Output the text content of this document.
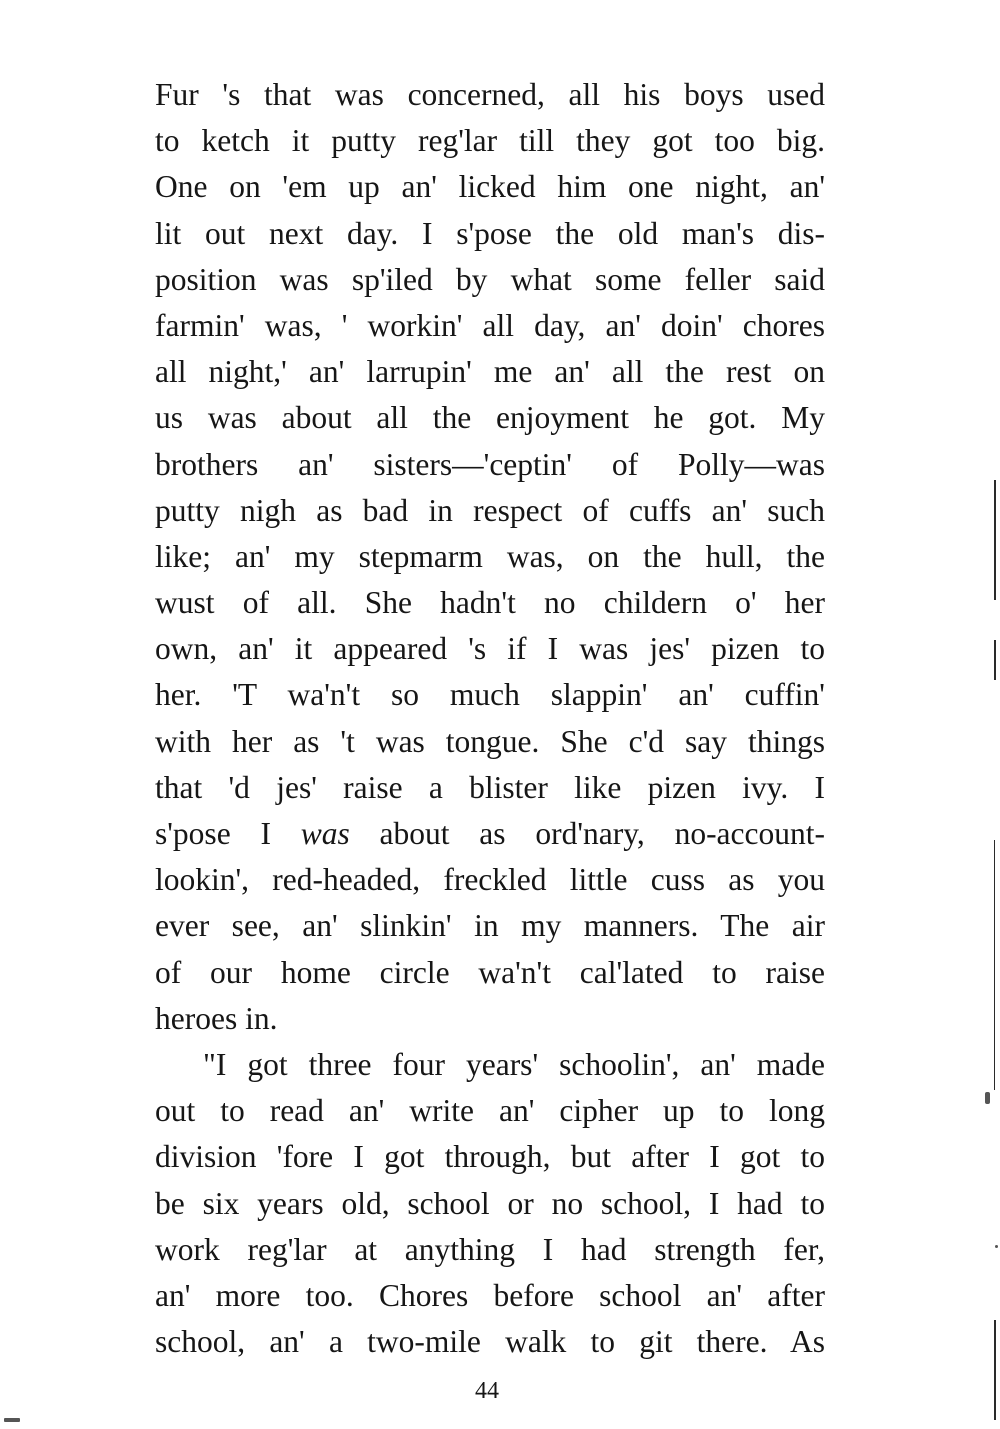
Fur 's that was concerned, all his boys used
to ketch it putty reg'lar till they got too big.
One on 'em up an' licked him one night, an'
lit out next day. I s'pose the old man's dis-
position was sp'iled by what some feller said
farmin' was, ' workin' all day, an' doin' chores
all night,' an' larrupin' me an' all the rest on
us was about all the enjoyment he got. My
brothers an' sisters—'ceptin' of Polly—was
putty nigh as bad in respect of cuffs an' such
like; an' my stepmarm was, on the hull, the
wust of all. She hadn't no childern o' her
own, an' it appeared 's if I was jes' pizen to
her. 'T wa'n't so much slappin' an' cuffin'
with her as 't was tongue. She c'd say things
that 'd jes' raise a blister like pizen ivy. I
s'pose I was about as ord'nary, no-account-
lookin', red-headed, freckled little cuss as you
ever see, an' slinkin' in my manners. The air
of our home circle wa'n't cal'lated to raise
heroes in.
"I got three four years' schoolin', an' made
out to read an' write an' cipher up to long
division 'fore I got through, but after I got to
be six years old, school or no school, I had to
work reg'lar at anything I had strength fer,
an' more too. Chores before school an' after
school, an' a two-mile walk to git there. As
44
